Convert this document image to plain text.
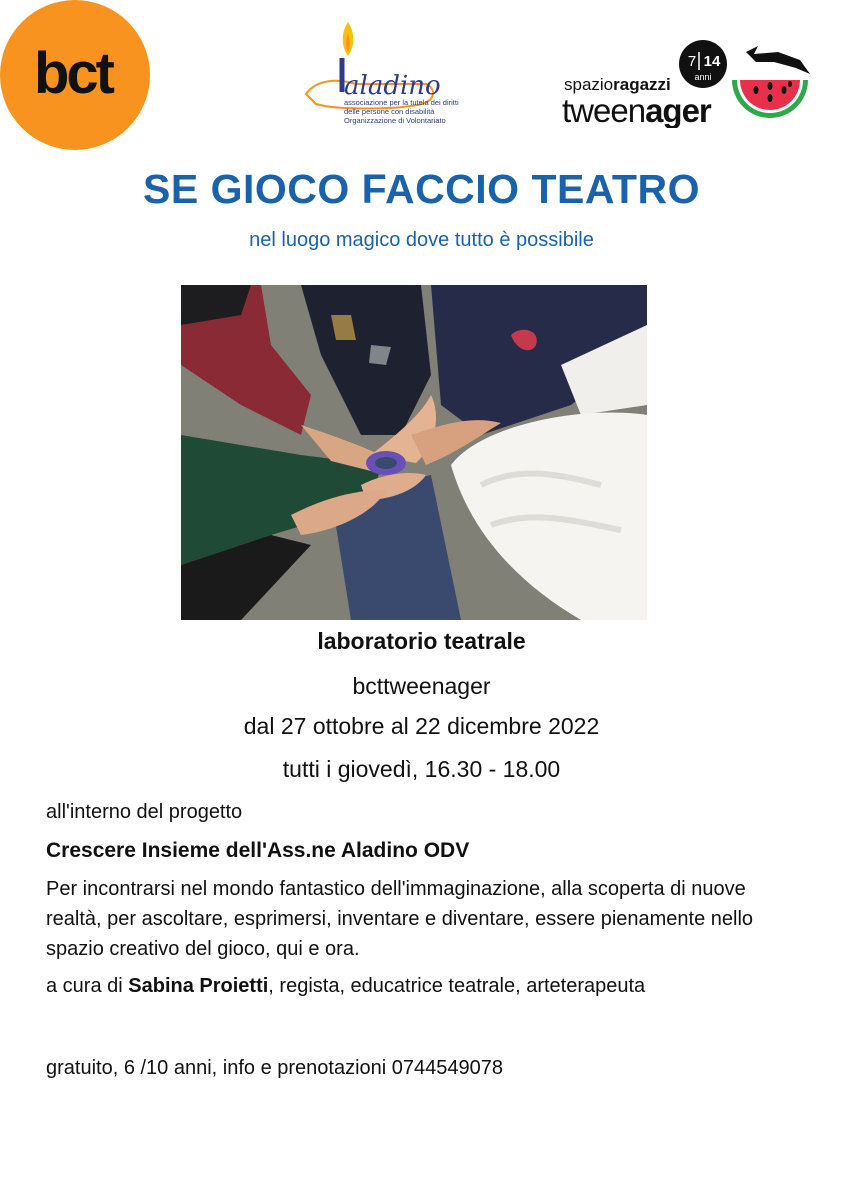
bct	aladino
associazione per la tutela dei diritti
delle persone con disabilità
Organizzazione di Volontariato
spazioragazzi
tweenager
7 14
anni
SE GIOCO FACCIO TEATRO
nel luogo magico dove tutto è possibile
laboratorio teatrale
bcttweenager
dal 27 ottobre al 22 dicembre 2022
tutti i giovedì, 16.30 - 18.00
all'interno del progetto
Crescere Insieme dell'Ass.ne Aladino ODV
Per incontrarsi nel mondo fantastico dell'immaginazione, alla scoperta di nuove realtà, per ascoltare, esprimersi, inventare e diventare, essere pienamente nello spazio creativo del gioco, qui e ora.
a cura di Sabina Proietti, regista, educatrice teatrale, arteterapeuta
gratuito, 6 /10 anni, info e prenotazioni 0744549078
